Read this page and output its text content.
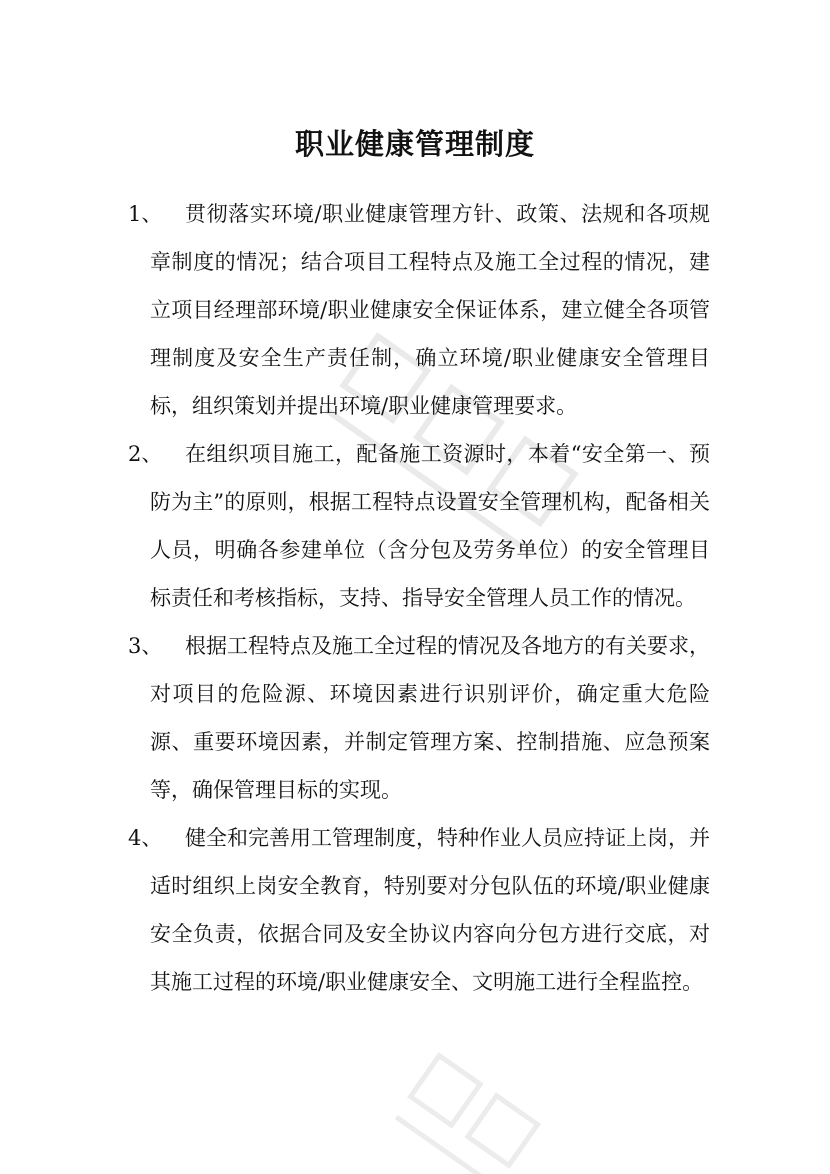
职业健康管理制度
1、	贯彻落实环境/职业健康管理方针、政策、法规和各项规章制度的情况；结合项目工程特点及施工全过程的情况，建立项目经理部环境/职业健康安全保证体系，建立健全各项管理制度及安全生产责任制，确立环境/职业健康安全管理目标，组织策划并提出环境/职业健康管理要求。
2、	在组织项目施工，配备施工资源时，本着“安全第一、预防为主”的原则，根据工程特点设置安全管理机构，配备相关人员，明确各参建单位（含分包及劳务单位）的安全管理目标责任和考核指标，支持、指导安全管理人员工作的情况。
3、	根据工程特点及施工全过程的情况及各地方的有关要求，对项目的危险源、环境因素进行识别评价，确定重大危险源、重要环境因素，并制定管理方案、控制措施、应急预案等，确保管理目标的实现。
4、	健全和完善用工管理制度，特种作业人员应持证上岗，并适时组织上岗安全教育，特别要对分包队伍的环境/职业健康安全负责，依据合同及安全协议内容向分包方进行交底，对其施工过程的环境/职业健康安全、文明施工进行全程监控。
